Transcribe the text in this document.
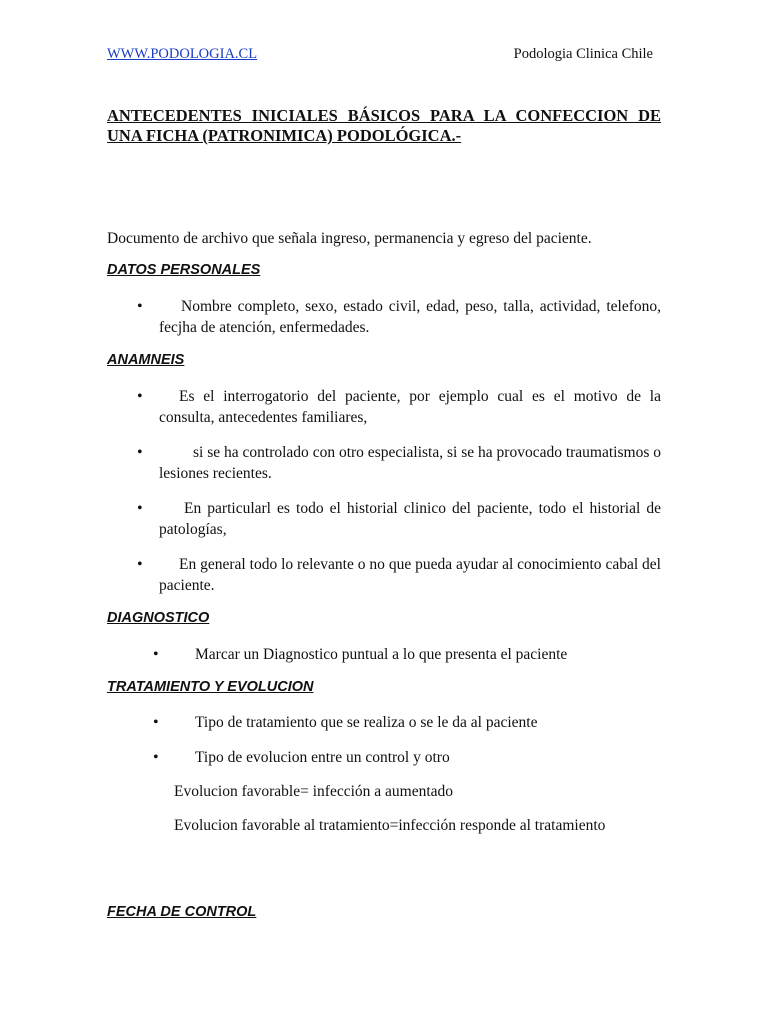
WWW.PODOLOGIA.CL	Podologia Clinica Chile
ANTECEDENTES INICIALES BÁSICOS PARA LA CONFECCION DE UNA FICHA (PATRONIMICA) PODOLÓGICA.-
Documento de archivo que señala ingreso, permanencia y egreso del paciente.
DATOS PERSONALES
•	Nombre completo, sexo, estado civil, edad, peso, talla, actividad, telefono, fecjha de atención, enfermedades.
ANAMNEIS
•	Es el interrogatorio del paciente, por ejemplo cual es el motivo de la consulta, antecedentes familiares,
•	si se ha controlado con otro especialista, si se ha provocado traumatismos o lesiones recientes.
•	En particularl es todo el historial clinico del paciente, todo el historial de patologías,
•	En general todo lo relevante o no que pueda ayudar al conocimiento cabal del paciente.
DIAGNOSTICO
• Marcar un Diagnostico puntual a lo que presenta el paciente
TRATAMIENTO Y EVOLUCION
• Tipo de tratamiento que se realiza o se le da al paciente
• Tipo de evolucion entre un control y otro
Evolucion favorable= infección a aumentado
Evolucion favorable al tratamiento=infección responde al tratamiento
FECHA DE CONTROL
